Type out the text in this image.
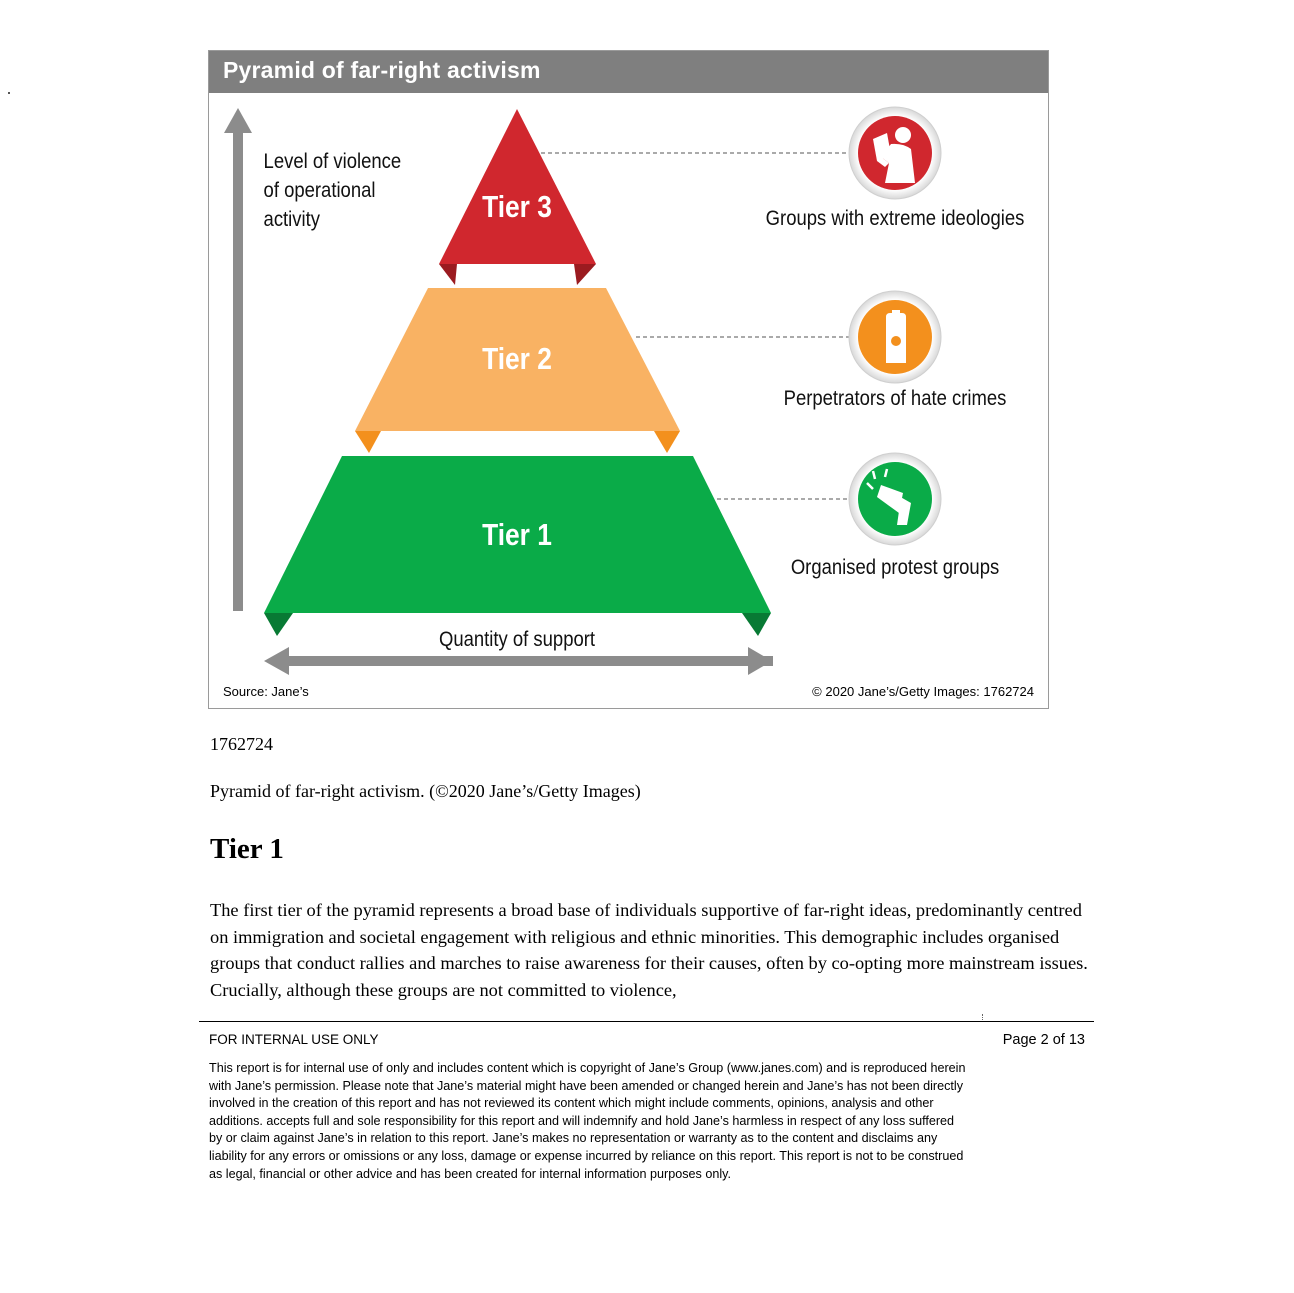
Level of violence of operational activity
Quantity of support
Tier 3
Tier 2
Tier 1
Groups with extreme ideologies
Perpetrators of hate crimes
Organised protest groups
Pyramid of far-right activism
Source: Jane’s	© 2020 Jane’s/Getty Images: 1762724
1762724
Pyramid of far-right activism. (©2020 Jane’s/Getty Images)
Tier 1

The first tier of the pyramid represents a broad base of individuals supportive of far-right ideas, predominantly centred on immigration and societal engagement with religious and ethnic minorities. This demographic includes organised groups that conduct rallies and marches to raise awareness for their causes, often by co-opting more mainstream issues. Crucially, although these groups are not committed to violence,

FOR INTERNAL USE ONLY	Page 2 of 13

This report is for internal use of only and includes content which is copyright of Jane’s Group (www.janes.com) and is reproduced herein with Jane’s permission. Please note that Jane’s material might have been amended or changed herein and Jane’s has not been directly involved in the creation of this report and has not reviewed its content which might include comments, opinions, analysis and other additions. accepts full and sole responsibility for this report and will indemnify and hold Jane’s harmless in respect of any loss suffered by or claim against Jane’s in relation to this report. Jane’s makes no representation or warranty as to the content and disclaims any liability for any errors or omissions or any loss, damage or expense incurred by reliance on this report. This report is not to be construed as legal, financial or other advice and has been created for internal information purposes only.
